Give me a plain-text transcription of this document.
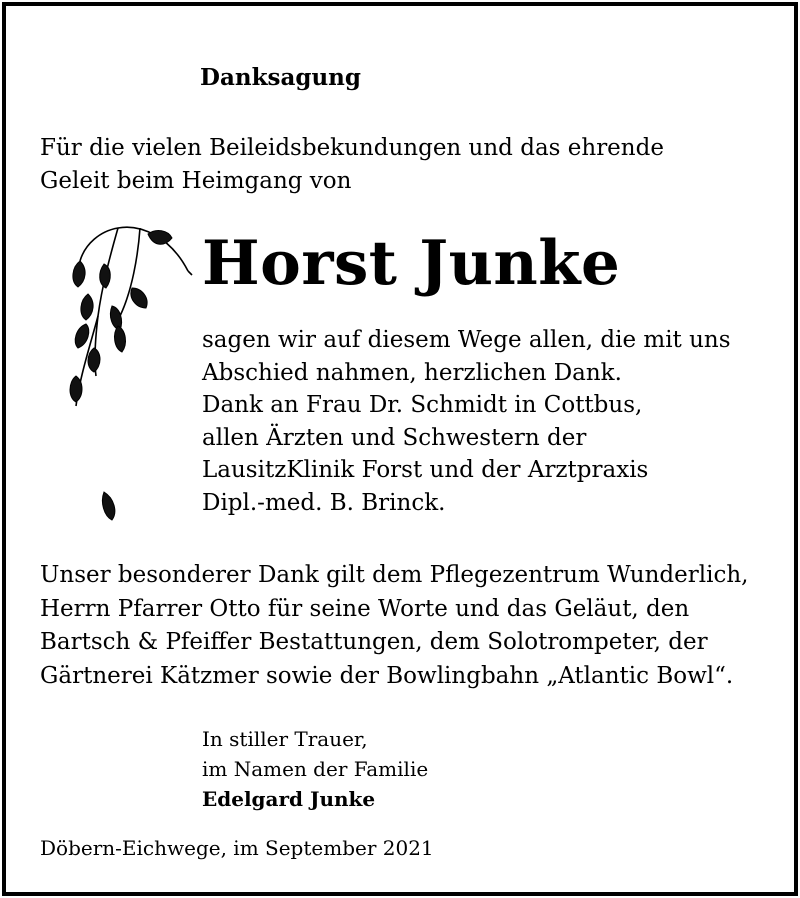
Danksagung
Für die vielen Beileidsbekundungen und das ehrende
Geleit beim Heimgang von
Horst Junke
sagen wir auf diesem Wege allen, die mit uns
Abschied nahmen, herzlichen Dank.
Dank an Frau Dr. Schmidt in Cottbus,
allen Ärzten und Schwestern der
LausitzKlinik Forst und der Arztpraxis
Dipl.-med. B. Brinck.
Unser besonderer Dank gilt dem Pflegezentrum Wunderlich,
Herrn Pfarrer Otto für seine Worte und das Geläut, den
Bartsch & Pfeiffer Bestattungen, dem Solotrompeter, der
Gärtnerei Kätzmer sowie der Bowlingbahn „Atlantic Bowl“.
In stiller Trauer,
im Namen der Familie
Edelgard Junke
Döbern-Eichwege, im September 2021
